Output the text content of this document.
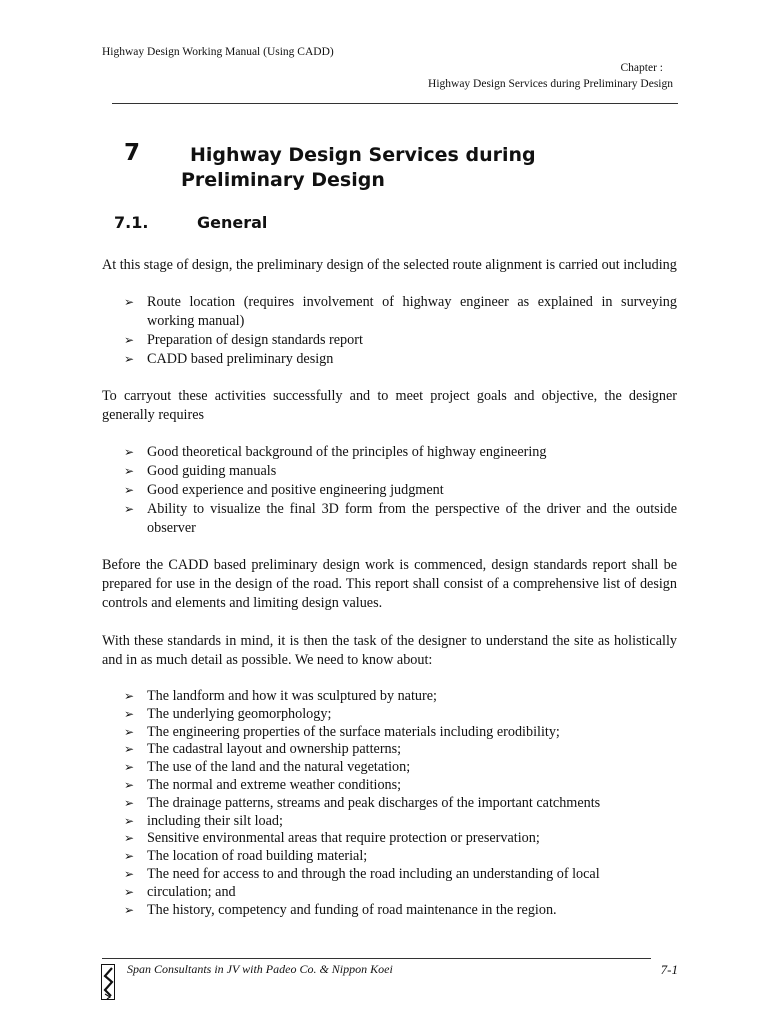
Highway Design Working Manual (Using CADD)
Chapter :
Highway Design Services during Preliminary Design
7	Highway Design Services during
Preliminary Design
7.1.	General

At this stage of design, the preliminary design of the selected route alignment is carried out including

➢ Route location (requires involvement of highway engineer as explained in surveying working manual)
➢ Preparation of design standards report
➢ CADD based preliminary design

To carryout these activities successfully and to meet project goals and objective, the designer generally requires

➢ Good theoretical background of the principles of highway engineering
➢ Good guiding manuals
➢ Good experience and positive engineering judgment
➢ Ability to visualize the final 3D form from the perspective of the driver and the outside observer

Before the CADD based preliminary design work is commenced, design standards report shall be prepared for use in the design of the road. This report shall consist of a comprehensive list of design controls and elements and limiting design values.

With these standards in mind, it is then the task of the designer to understand the site as holistically and in as much detail as possible. We need to know about:

➢ The landform and how it was sculptured by nature;
➢ The underlying geomorphology;
➢ The engineering properties of the surface materials including erodibility;
➢ The cadastral layout and ownership patterns;
➢ The use of the land and the natural vegetation;
➢ The normal and extreme weather conditions;
➢ The drainage patterns, streams and peak discharges of the important catchments
➢ including their silt load;
➢ Sensitive environmental areas that require protection or preservation;
➢ The location of road building material;
➢ The need for access to and through the road including an understanding of local
➢ circulation; and
➢ The history, competency and funding of road maintenance in the region.
Span Consultants in JV with Padeo Co. & Nippon Koei	7-1
